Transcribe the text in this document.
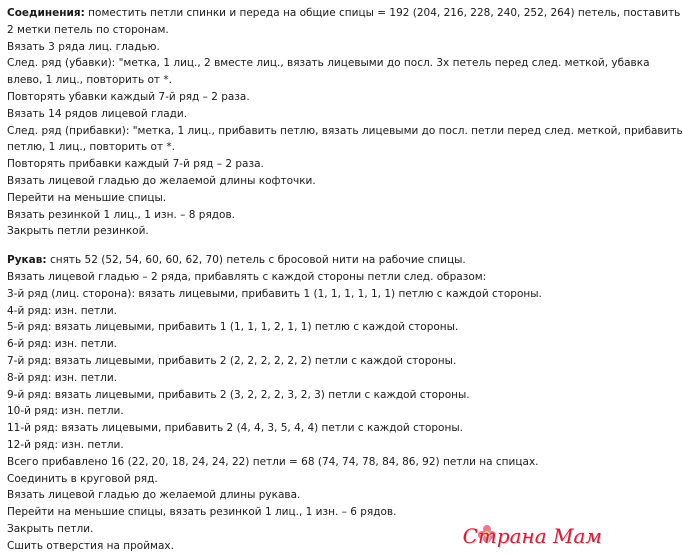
Соединения: поместить петли спинки и переда на общие спицы = 192 (204, 216, 228, 240, 252, 264) петель, поставить
2 метки петель по сторонам.
Вязать 3 ряда лиц. гладью.
След. ряд (убавки): "метка, 1 лиц., 2 вместе лиц., вязать лицевыми до посл. 3х петель перед след. меткой, убавка
влево, 1 лиц., повторить от *.
Повторять убавки каждый 7-й ряд – 2 раза.
Вязать 14 рядов лицевой глади.
След. ряд (прибавки): "метка, 1 лиц., прибавить петлю, вязать лицевыми до посл. петли перед след. меткой, прибавить
петлю, 1 лиц., повторить от *.
Повторять прибавки каждый 7-й ряд – 2 раза.
Вязать лицевой гладью до желаемой длины кофточки.
Перейти на меньшие спицы.
Вязать резинкой 1 лиц., 1 изн. – 8 рядов.
Закрыть петли резинкой.
Рукав: снять 52 (52, 54, 60, 60, 62, 70) петель с бросовой нити на рабочие спицы.
Вязать лицевой гладью – 2 ряда, прибавлять с каждой стороны петли след. образом:
3-й ряд (лиц. сторона): вязать лицевыми, прибавить 1 (1, 1, 1, 1, 1, 1) петлю с каждой стороны.
4-й ряд: изн. петли.
5-й ряд: вязать лицевыми, прибавить 1 (1, 1, 1, 2, 1, 1) петлю с каждой стороны.
6-й ряд: изн. петли.
7-й ряд: вязать лицевыми, прибавить 2 (2, 2, 2, 2, 2, 2) петли с каждой стороны.
8-й ряд: изн. петли.
9-й ряд: вязать лицевыми, прибавить 2 (3, 2, 2, 2, 3, 2, 3) петли с каждой стороны.
10-й ряд: изн. петли.
11-й ряд: вязать лицевыми, прибавить 2 (4, 4, 3, 5, 4, 4) петли с каждой стороны.
12-й ряд: изн. петли.
Всего прибавлено 16 (22, 20, 18, 24, 24, 22) петли = 68 (74, 74, 78, 84, 86, 92) петли на спицах.
Соединить в круговой ряд.
Вязать лицевой гладью до желаемой длины рукава.
Перейти на меньшие спицы, вязать резинкой 1 лиц., 1 изн. – 6 рядов.
Закрыть петли.
Сшить отверстия на проймах.	Страна Мам
